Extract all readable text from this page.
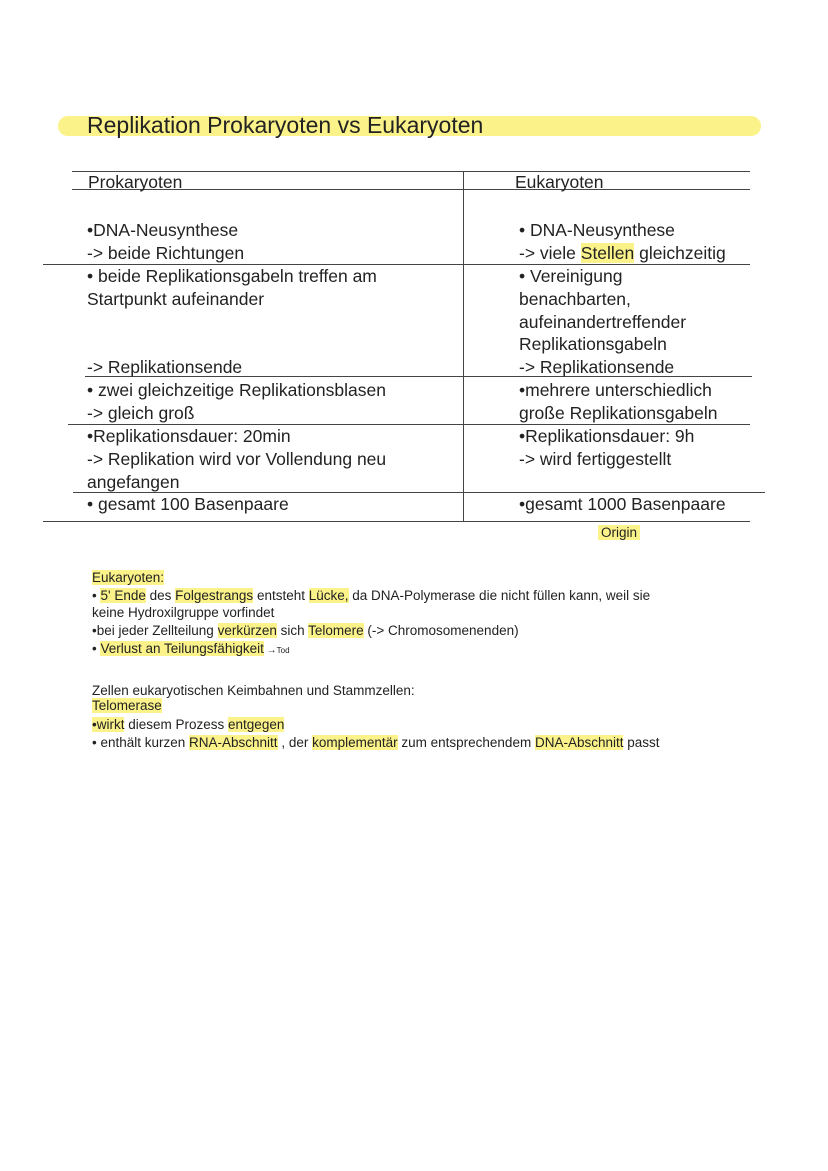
Replikation Prokaryoten vs Eukaryoten
Prokaryoten	Eukaryoten
•DNA-Neusynthese
-> beide Richtungen
• beide Replikationsgabeln treffen am
Startpunkt aufeinander
-> Replikationsende
• zwei gleichzeitige Replikationsblasen
-> gleich groß
•Replikationsdauer: 20min
-> Replikation wird vor Vollendung neu
angefangen
• gesamt 100 Basenpaare
• DNA-Neusynthese
-> viele Stellen gleichzeitig
• Vereinigung
benachbarten,
aufeinandertreffender
Replikationsgabeln
-> Replikationsende
•mehrere unterschiedlich
große Replikationsgabeln
•Replikationsdauer: 9h
-> wird fertiggestellt
•gesamt 1000 Basenpaare
Origin
Eukaryoten:
• 5' Ende des Folgestrangs entsteht Lücke, da DNA-Polymerase die nicht füllen kann, weil sie
keine Hydroxilgruppe vorfindet
•bei jeder Zellteilung verkürzen sich Telomere (-> Chromosomenenden)
• Verlust an Teilungsfähigkeit →Tod
Zellen eukaryotischen Keimbahnen und Stammzellen:
Telomerase
•wirkt diesem Prozess entgegen
• enthält kurzen RNA-Abschnitt , der komplementär zum entsprechendem DNA-Abschnitt passt
